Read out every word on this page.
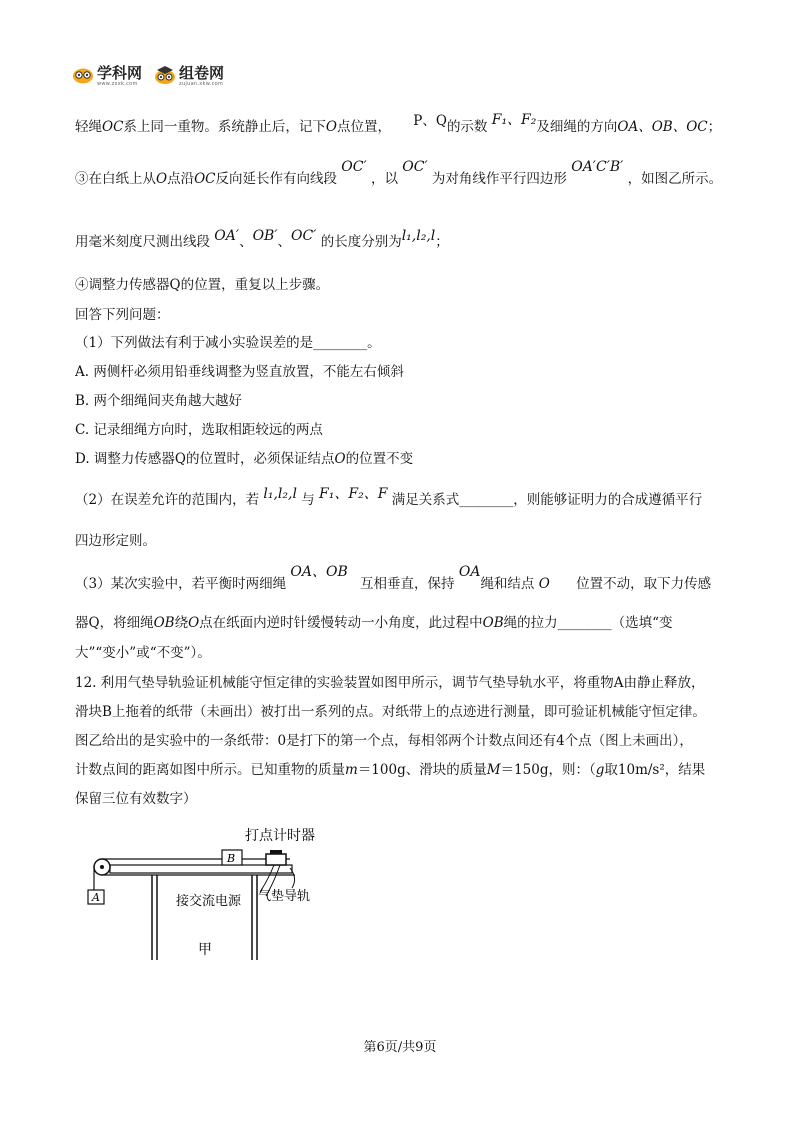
学科网
www.zxxk.com
组卷网
zujuan.xkw.com
轻绳OC系上同一重物。系统静止后，记下O点位置， P、Q的示数 F₁、F₂及细绳的方向OA、OB、OC；
③在白纸上从O点沿OC反向延长作有向线段 OC′ ，以 OC′ 为对角线作平行四边形 OA′C′B′ ，如图乙所示。
用毫米刻度尺测出线段 OA′、OB′、OC′ 的长度分别为l₁,l₂,l；
④调整力传感器Q的位置，重复以上步骤。
回答下列问题：
（1）下列做法有利于减小实验误差的是________。
A. 两侧杆必须用铅垂线调整为竖直放置，不能左右倾斜
B. 两个细绳间夹角越大越好
C. 记录细绳方向时，选取相距较远的两点
D. 调整力传感器Q的位置时，必须保证结点O的位置不变
（2）在误差允许的范围内，若 l₁,l₂,l 与 F₁、F₂、F 满足关系式________，则能够证明力的合成遵循平行
四边形定则。
（3）某次实验中，若平衡时两细绳 OA、OB 互相垂直，保持 OA绳和结点 O 位置不动，取下力传感
器Q，将细绳OB绕O点在纸面内逆时针缓慢转动一小角度，此过程中OB绳的拉力________（选填“变
大”“变小”或“不变”）。
12. 利用气垫导轨验证机械能守恒定律的实验装置如图甲所示，调节气垫导轨水平，将重物A由静止释放，
滑块B上拖着的纸带（未画出）被打出一系列的点。对纸带上的点迹进行测量，即可验证机械能守恒定律。
图乙给出的是实验中的一条纸带：0是打下的第一个点，每相邻两个计数点间还有4个点（图上未画出），
计数点间的距离如图中所示。已知重物的质量m＝100g、滑块的质量M＝150g，则：（g取10m/s²，结果
保留三位有效数字）
A
B
打点计时器
接交流电源 气垫导轨
甲
第6页/共9页
